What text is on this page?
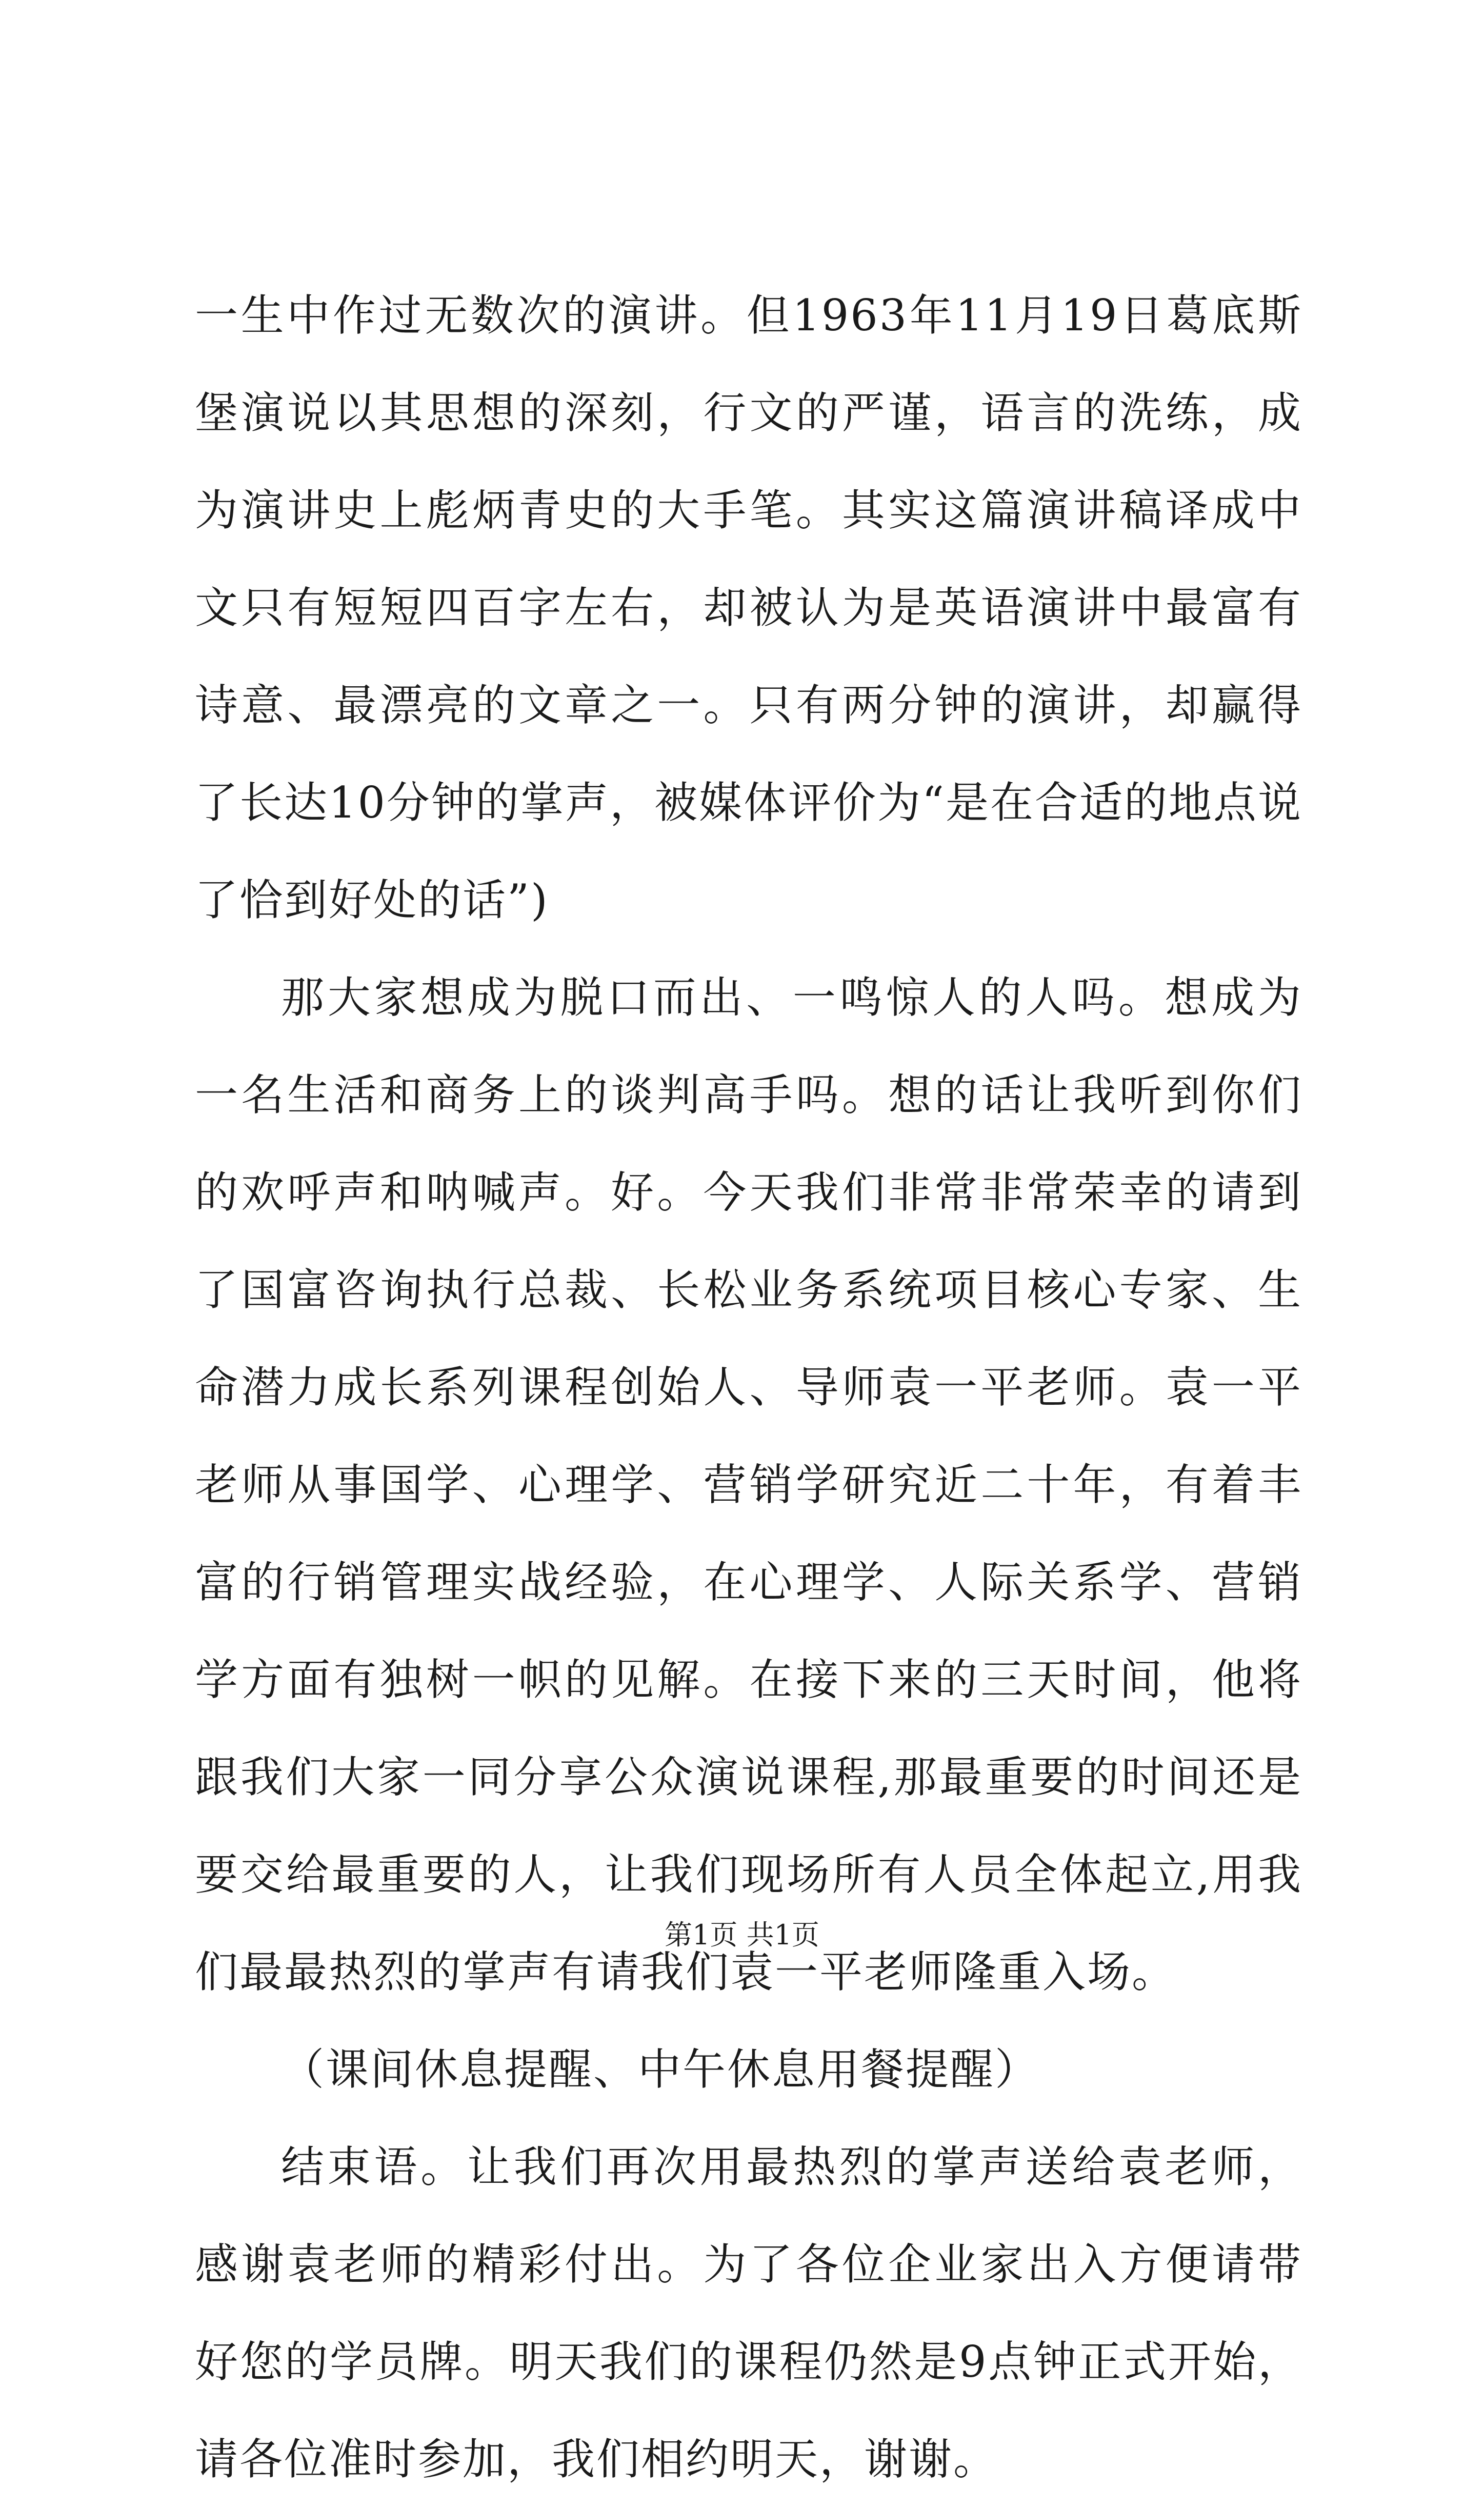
一生中作过无数次的演讲。但1963年11月19日葛底斯堡演说以其思想的深刻，行文的严谨，语言的洗练，成为演讲史上彪炳青史的大手笔。其实这篇演讲稿译成中文只有短短四百字左右，却被认为是英语演讲中最富有诗意、最漂亮的文章之一。只有两分钟的演讲，却赢得了长达10分钟的掌声，被媒体评价为“是在合适的地点说了恰到好处的话”)

那大家想成为脱口而出、一鸣惊人的人吗。想成为一名生活和商务上的谈判高手吗。想的话让我听到你们的欢呼声和呐喊声。好。今天我们非常非常荣幸的请到了国富咨询执行总裁、长松业务系统项目核心专家、生命潜力成长系列课程创始人、导师袁一平老师。袁一平老师从事国学、心理学、营销学研究近二十年，有着丰富的行销管理实战经验，在心理学、人际关系学、营销学方面有独树一帜的见解。在接下来的三天时间，他将跟我们大家一同分享公众演说课程,那最重要的时间还是要交给最重要的人，让我们现场所有人员全体起立,用我们最最热烈的掌声有请我们袁一平老师隆重入场。

（课间休息提醒、中午休息用餐提醒）

结束语。让我们再次用最热烈的掌声送给袁老师，感谢袁老师的精彩付出。为了各位企业家出入方便请带好您的学员牌。明天我们的课程仍然是9点钟正式开始，请各位准时参加，我们相约明天，谢谢。

第1页 共1页
